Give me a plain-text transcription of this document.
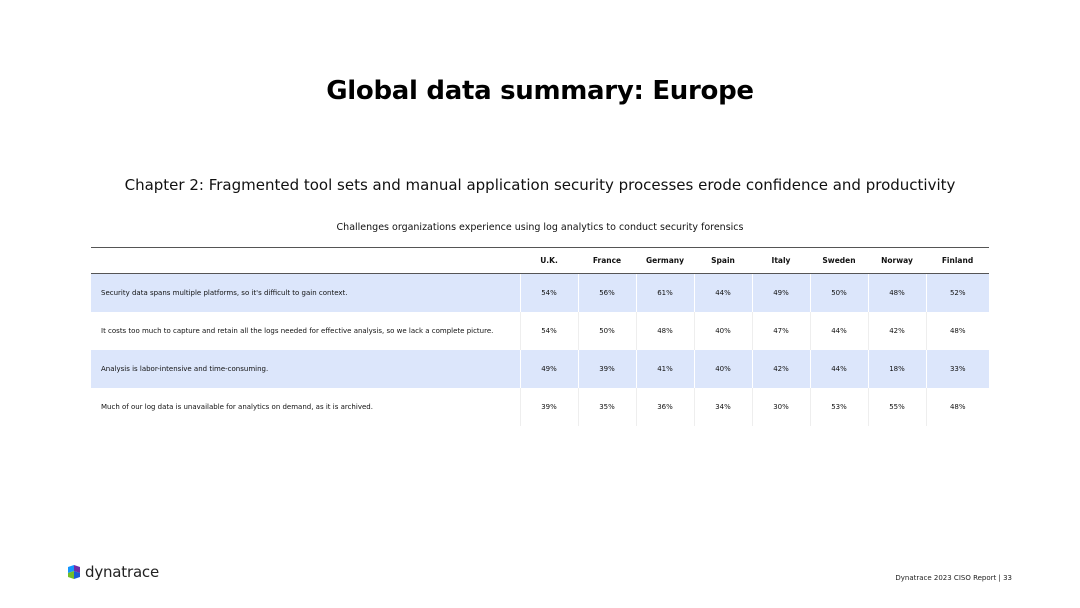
Global data summary: Europe
Chapter 2: Fragmented tool sets and manual application security processes erode confidence and productivity
Challenges organizations experience using log analytics to conduct security forensics
	U.K.	France	Germany	Spain	Italy	Sweden	Norway	Finland
Security data spans multiple platforms, so it's difficult to gain context.	54%	56%	61%	44%	49%	50%	48%	52%
It costs too much to capture and retain all the logs needed for effective analysis, so we lack a complete picture.	54%	50%	48%	40%	47%	44%	42%	48%
Analysis is labor-intensive and time-consuming.	49%	39%	41%	40%	42%	44%	18%	33%
Much of our log data is unavailable for analytics on demand, as it is archived.	39%	35%	36%	34%	30%	53%	55%	48%
dynatrace	Dynatrace 2023 CISO Report | 33
